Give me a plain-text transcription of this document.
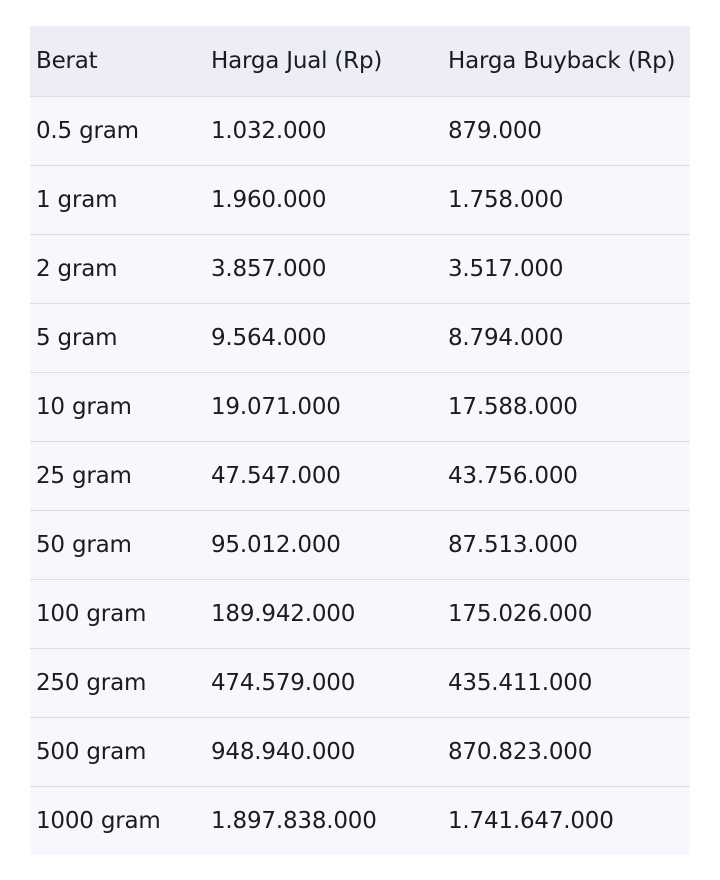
Berat	Harga Jual (Rp)	Harga Buyback (Rp)
0.5 gram	1.032.000	879.000
1 gram	1.960.000	1.758.000
2 gram	3.857.000	3.517.000
5 gram	9.564.000	8.794.000
10 gram	19.071.000	17.588.000
25 gram	47.547.000	43.756.000
50 gram	95.012.000	87.513.000
100 gram	189.942.000	175.026.000
250 gram	474.579.000	435.411.000
500 gram	948.940.000	870.823.000
1000 gram 1.897.838.000	1.741.647.000
